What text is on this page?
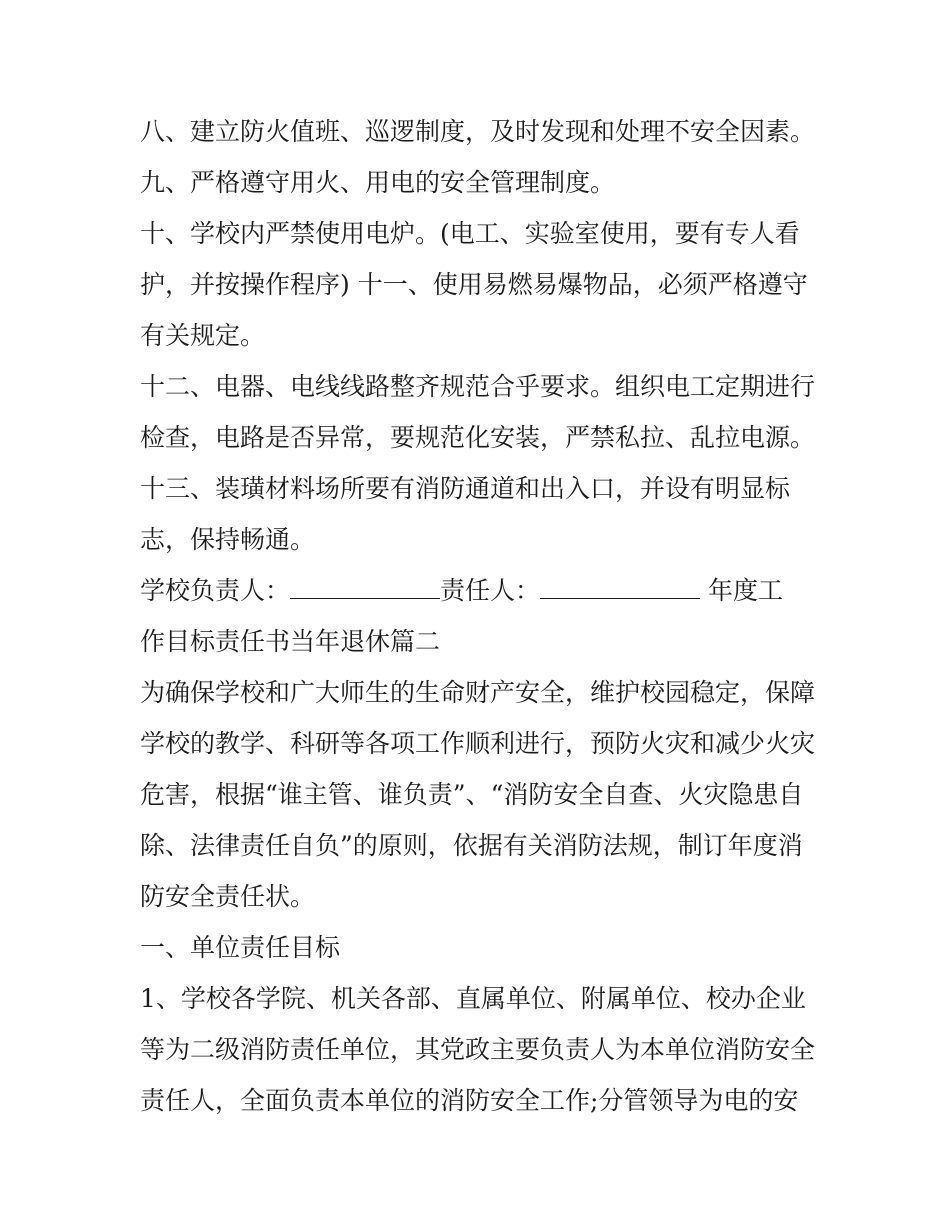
八、建立防火值班、巡逻制度，及时发现和处理不安全因素。
九、严格遵守用火、用电的安全管理制度。
十、学校内严禁使用电炉。(电工、实验室使用，要有专人看
护，并按操作程序) 十一、使用易燃易爆物品，必须严格遵守
有关规定。
十二、电器、电线线路整齐规范合乎要求。组织电工定期进行
检查，电路是否异常，要规范化安装，严禁私拉、乱拉电源。
十三、装璜材料场所要有消防通道和出入口，并设有明显标
志，保持畅通。
学校负责人：	责任人：	年度工
作目标责任书当年退休篇二
为确保学校和广大师生的生命财产安全，维护校园稳定，保障
学校的教学、科研等各项工作顺利进行，预防火灾和减少火灾
危害，根据“谁主管、谁负责”、“消防安全自查、火灾隐患自
除、法律责任自负”的原则，依据有关消防法规，制订年度消
防安全责任状。
一、单位责任目标
1、学校各学院、机关各部、直属单位、附属单位、校办企业
等为二级消防责任单位，其党政主要负责人为本单位消防安全
责任人，全面负责本单位的消防安全工作;分管领导为电的安
